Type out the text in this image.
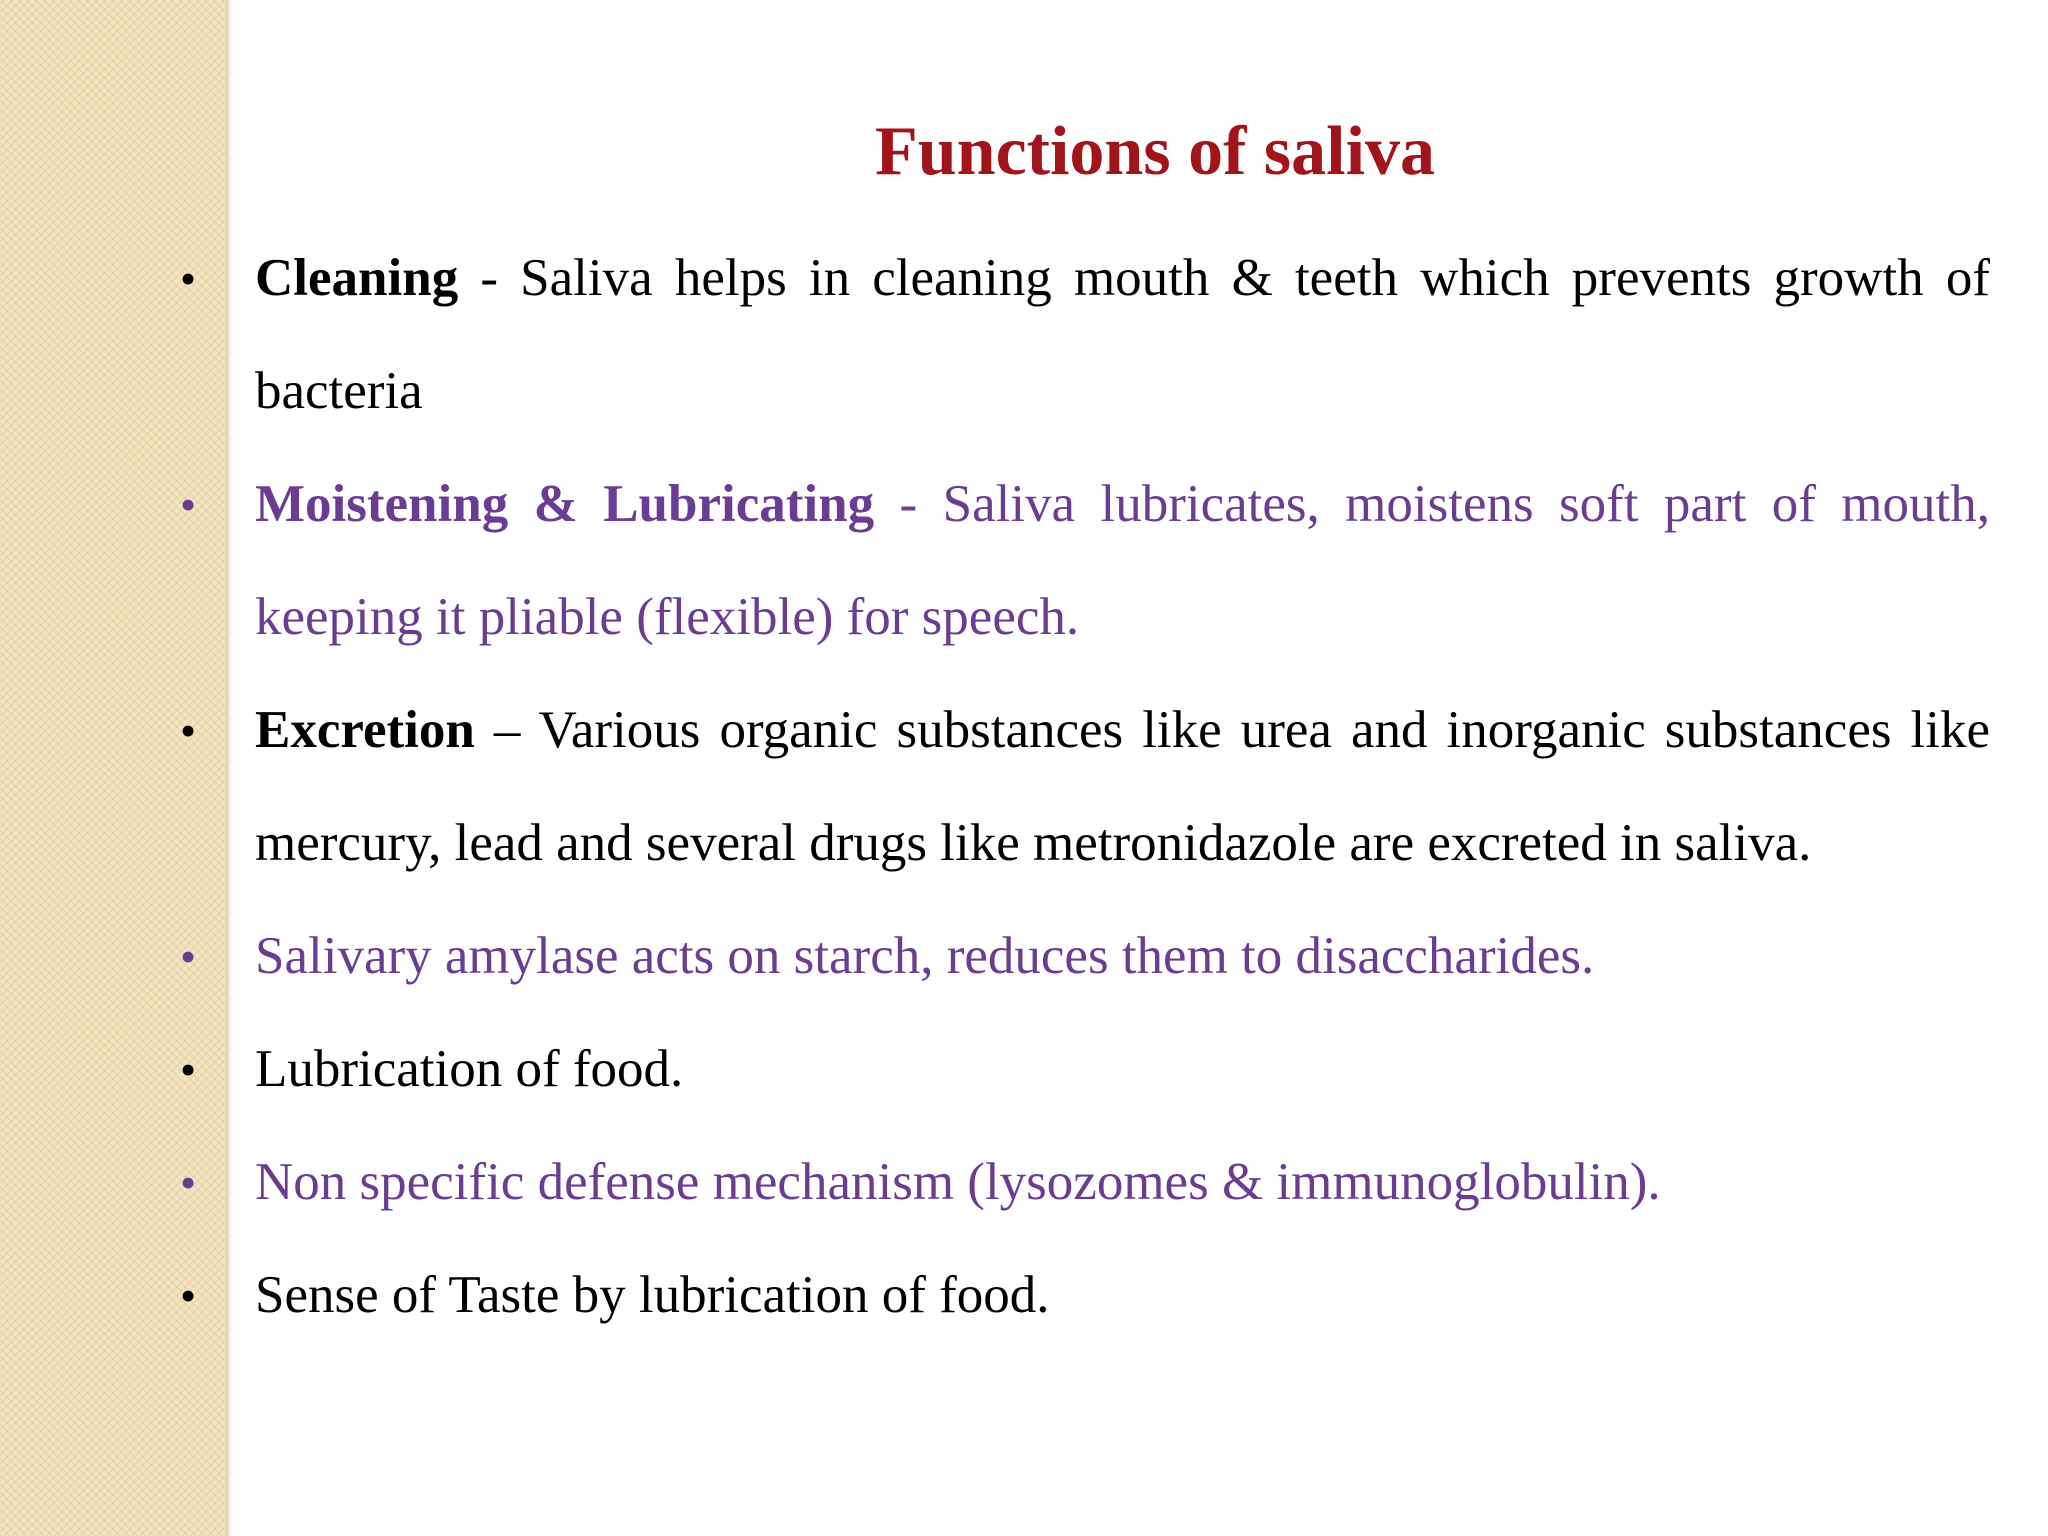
Functions of saliva

• Cleaning - Saliva helps in cleaning mouth & teeth which prevents growth of bacteria

• Moistening & Lubricating - Saliva lubricates, moistens soft part of mouth, keeping it pliable (flexible) for speech.

• Excretion – Various organic substances like urea and inorganic substances like mercury, lead and several drugs like metronidazole are excreted in saliva.

• Salivary amylase acts on starch, reduces them to disaccharides.

• Lubrication of food.

• Non specific defense mechanism (lysozomes & immunoglobulin).

• Sense of Taste by lubrication of food.
